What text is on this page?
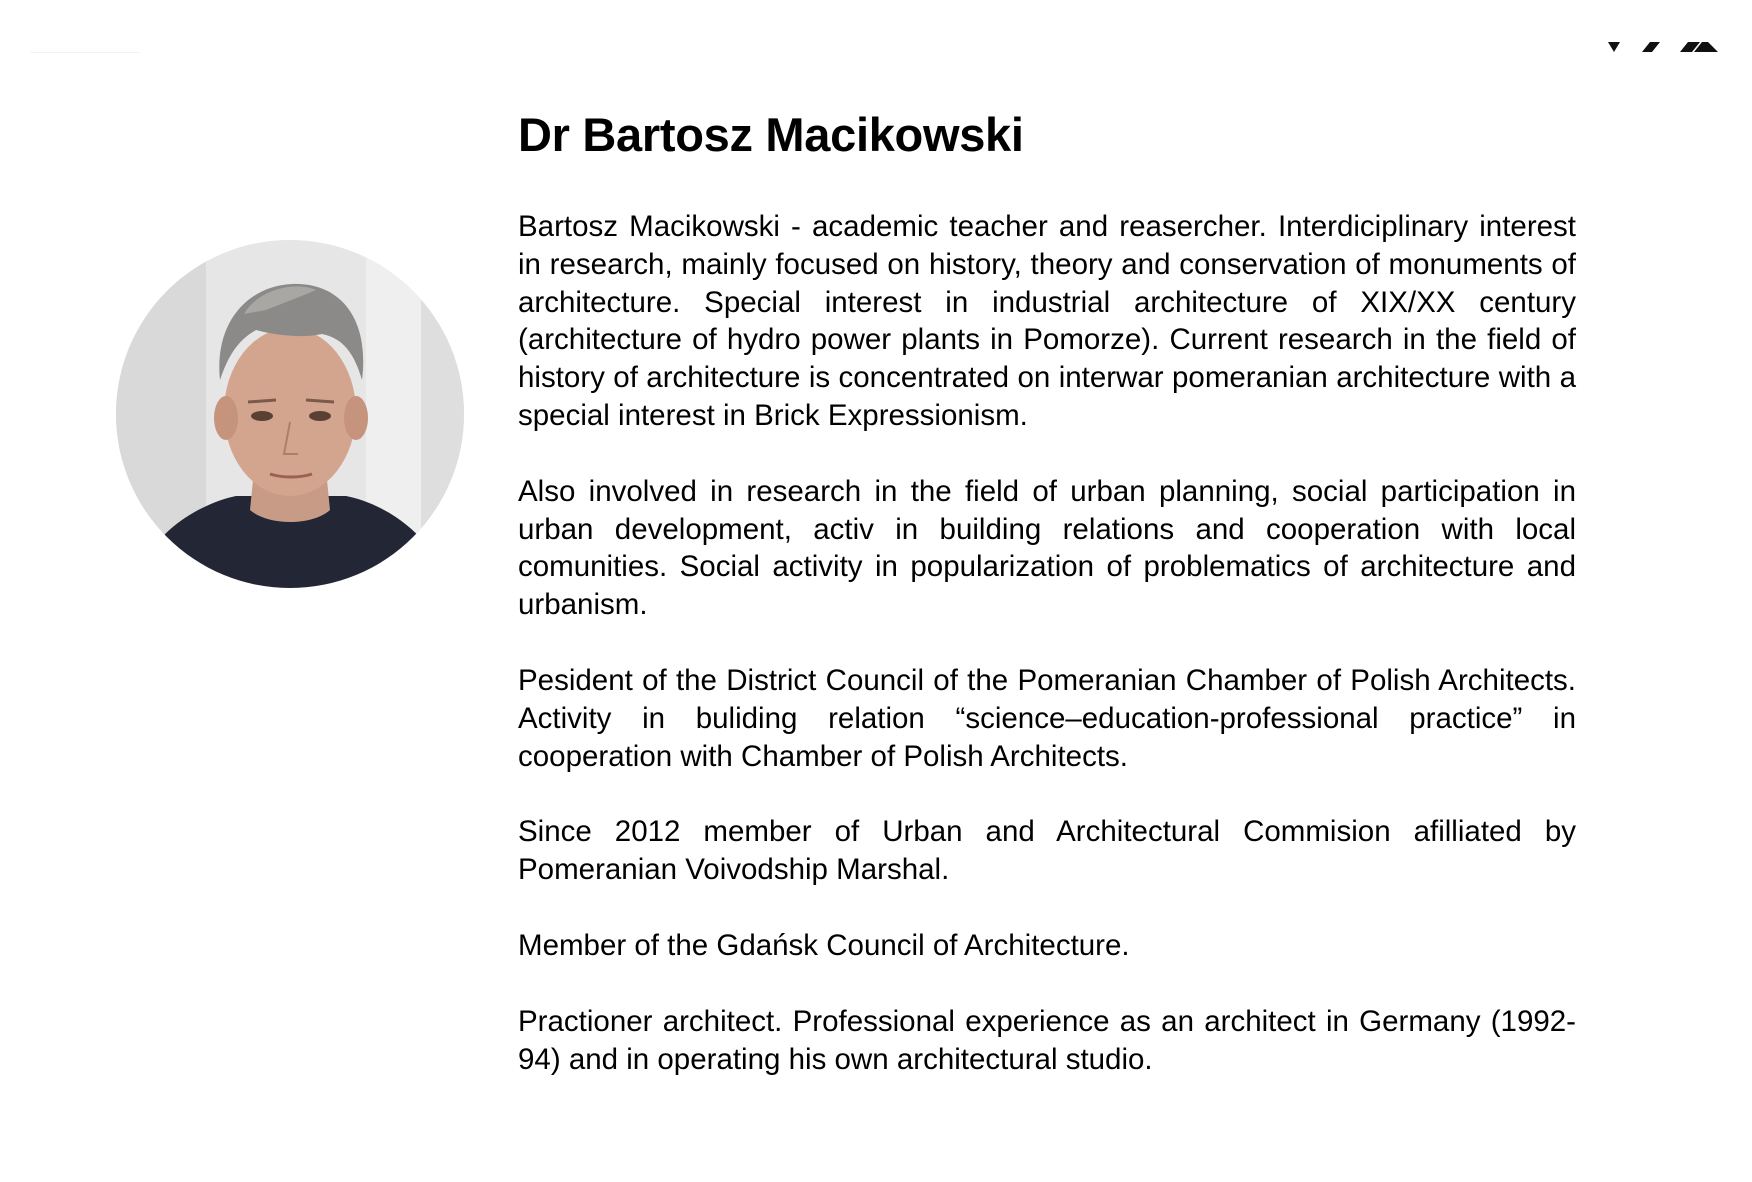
Dr Bartosz Macikowski

Bartosz Macikowski - academic teacher and reasercher. Interdiciplinary interest in research, mainly focused on history, theory and conservation of monuments of architecture. Special interest in industrial architecture of XIX/XX century (architecture of hydro power plants in Pomorze). Current research in the field of history of architecture is concentrated on interwar pomeranian architecture with a special interest in Brick Expressionism.

Also involved in research in the field of urban planning, social participation in urban development, activ in building relations and cooperation with local comunities. Social activity in popularization of problematics of architecture and urbanism.

Pesident of the District Council of the Pomeranian Chamber of Polish Architects. Activity in buliding relation “science–education-professional practice” in cooperation with Chamber of Polish Architects.

Since 2012 member of Urban and Architectural Commision afilliated by Pomeranian Voivodship Marshal.

Member of the Gdańsk Council of Architecture.

Practioner architect. Professional experience as an architect in Germany (1992-94) and in operating his own architectural studio.
